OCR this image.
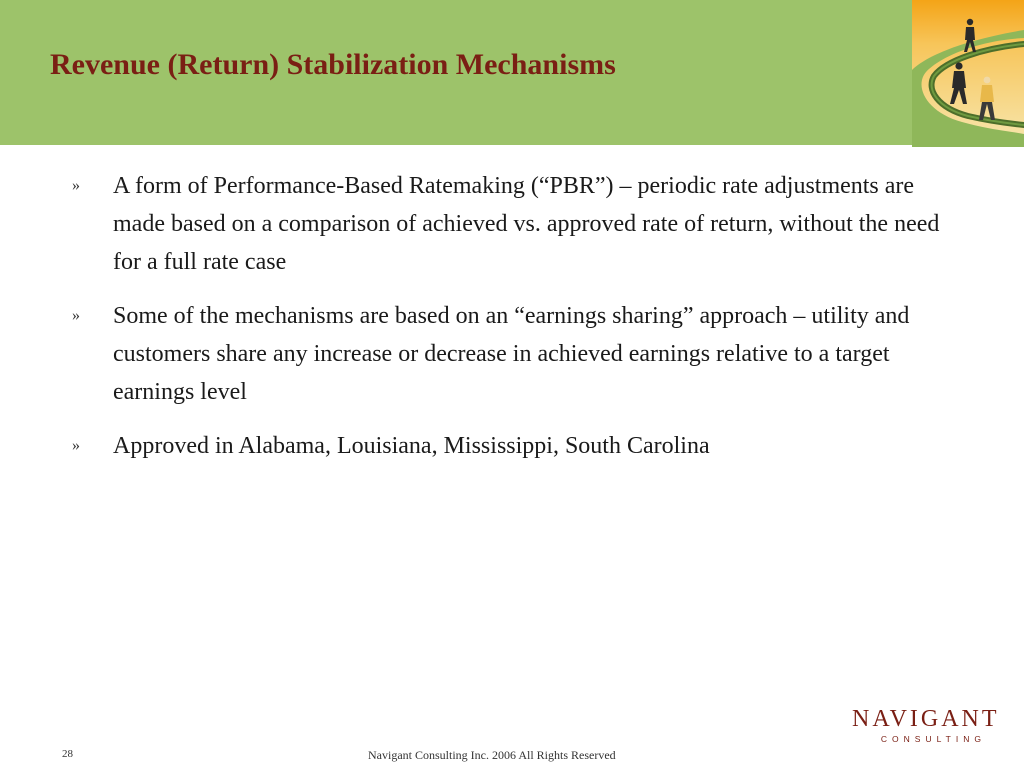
Revenue (Return) Stabilization Mechanisms
» A form of Performance-Based Ratemaking (“PBR”) – periodic rate adjustments are made based on a comparison of achieved vs. approved rate of return, without the need for a full rate case
» Some of the mechanisms are based on an “earnings sharing” approach – utility and customers share any increase or decrease in achieved earnings relative to a target earnings level
» Approved in Alabama, Louisiana, Mississippi, South Carolina
NAVIGANT
CONSULTING
28	Navigant Consulting Inc. 2006 All Rights Reserved
